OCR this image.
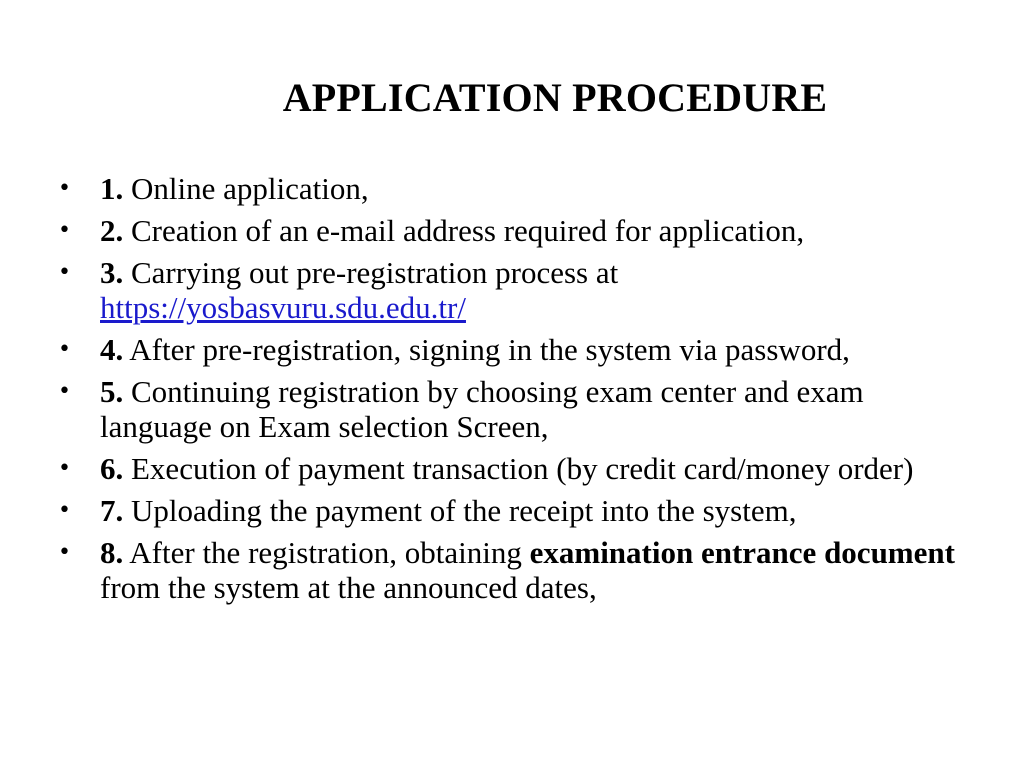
APPLICATION PROCEDURE
• 1. Online application,
• 2. Creation of an e-mail address required for application,
• 3. Carrying out pre-registration process at
https://yosbasvuru.sdu.edu.tr/
• 4. After pre-registration, signing in the system via password,
• 5. Continuing registration by choosing exam center and exam language on Exam selection Screen,
• 6. Execution of payment transaction (by credit card/money order)
• 7. Uploading the payment of the receipt into the system,
• 8. After the registration, obtaining examination entrance document from the system at the announced dates,
